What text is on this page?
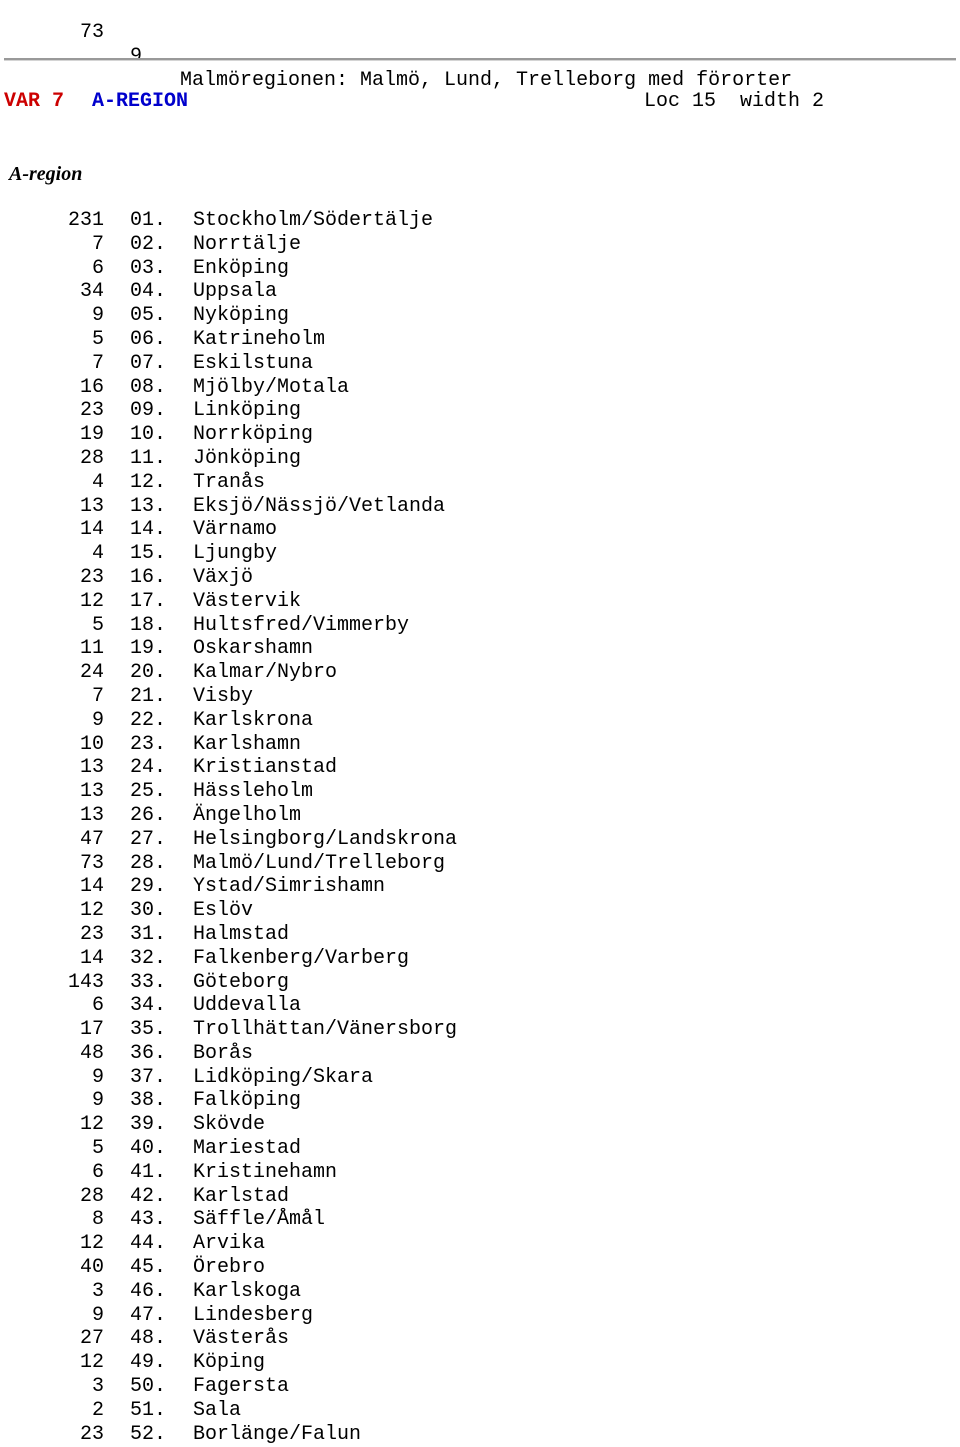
73

9.

Malmöregionen: Malmö, Lund, Trelleborg med förorter

VAR 7

A-REGION

	Loc 15  width 2

A-region
231 01. Stockholm/Södertälje
7 02. Norrtälje
6 03. Enköping
34 04. Uppsala
9 05. Nyköping
5 06. Katrineholm
7 07. Eskilstuna
16 08. Mjölby/Motala
23 09. Linköping
19 10. Norrköping
28 11. Jönköping
4 12. Tranås
13 13. Eksjö/Nässjö/Vetlanda
14 14. Värnamo
4 15. Ljungby
23 16. Växjö
12 17. Västervik
5 18. Hultsfred/Vimmerby
11 19. Oskarshamn
24 20. Kalmar/Nybro
7 21. Visby
9 22. Karlskrona
10 23. Karlshamn
13 24. Kristianstad
13 25. Hässleholm
13 26. Ängelholm
47 27. Helsingborg/Landskrona
73 28. Malmö/Lund/Trelleborg
14 29. Ystad/Simrishamn
12 30. Eslöv
23 31. Halmstad
14 32. Falkenberg/Varberg
143 33. Göteborg
6 34. Uddevalla
17 35. Trollhättan/Vänersborg
48 36. Borås
9 37. Lidköping/Skara
9 38. Falköping
12 39. Skövde
5 40. Mariestad
6 41. Kristinehamn
28 42. Karlstad
8 43. Säffle/Åmål
12 44. Arvika
40 45. Örebro
3 46. Karlskoga
9 47. Lindesberg
27 48. Västerås
12 49. Köping
3 50. Fagersta
2 51. Sala
23 52. Borlänge/Falun
